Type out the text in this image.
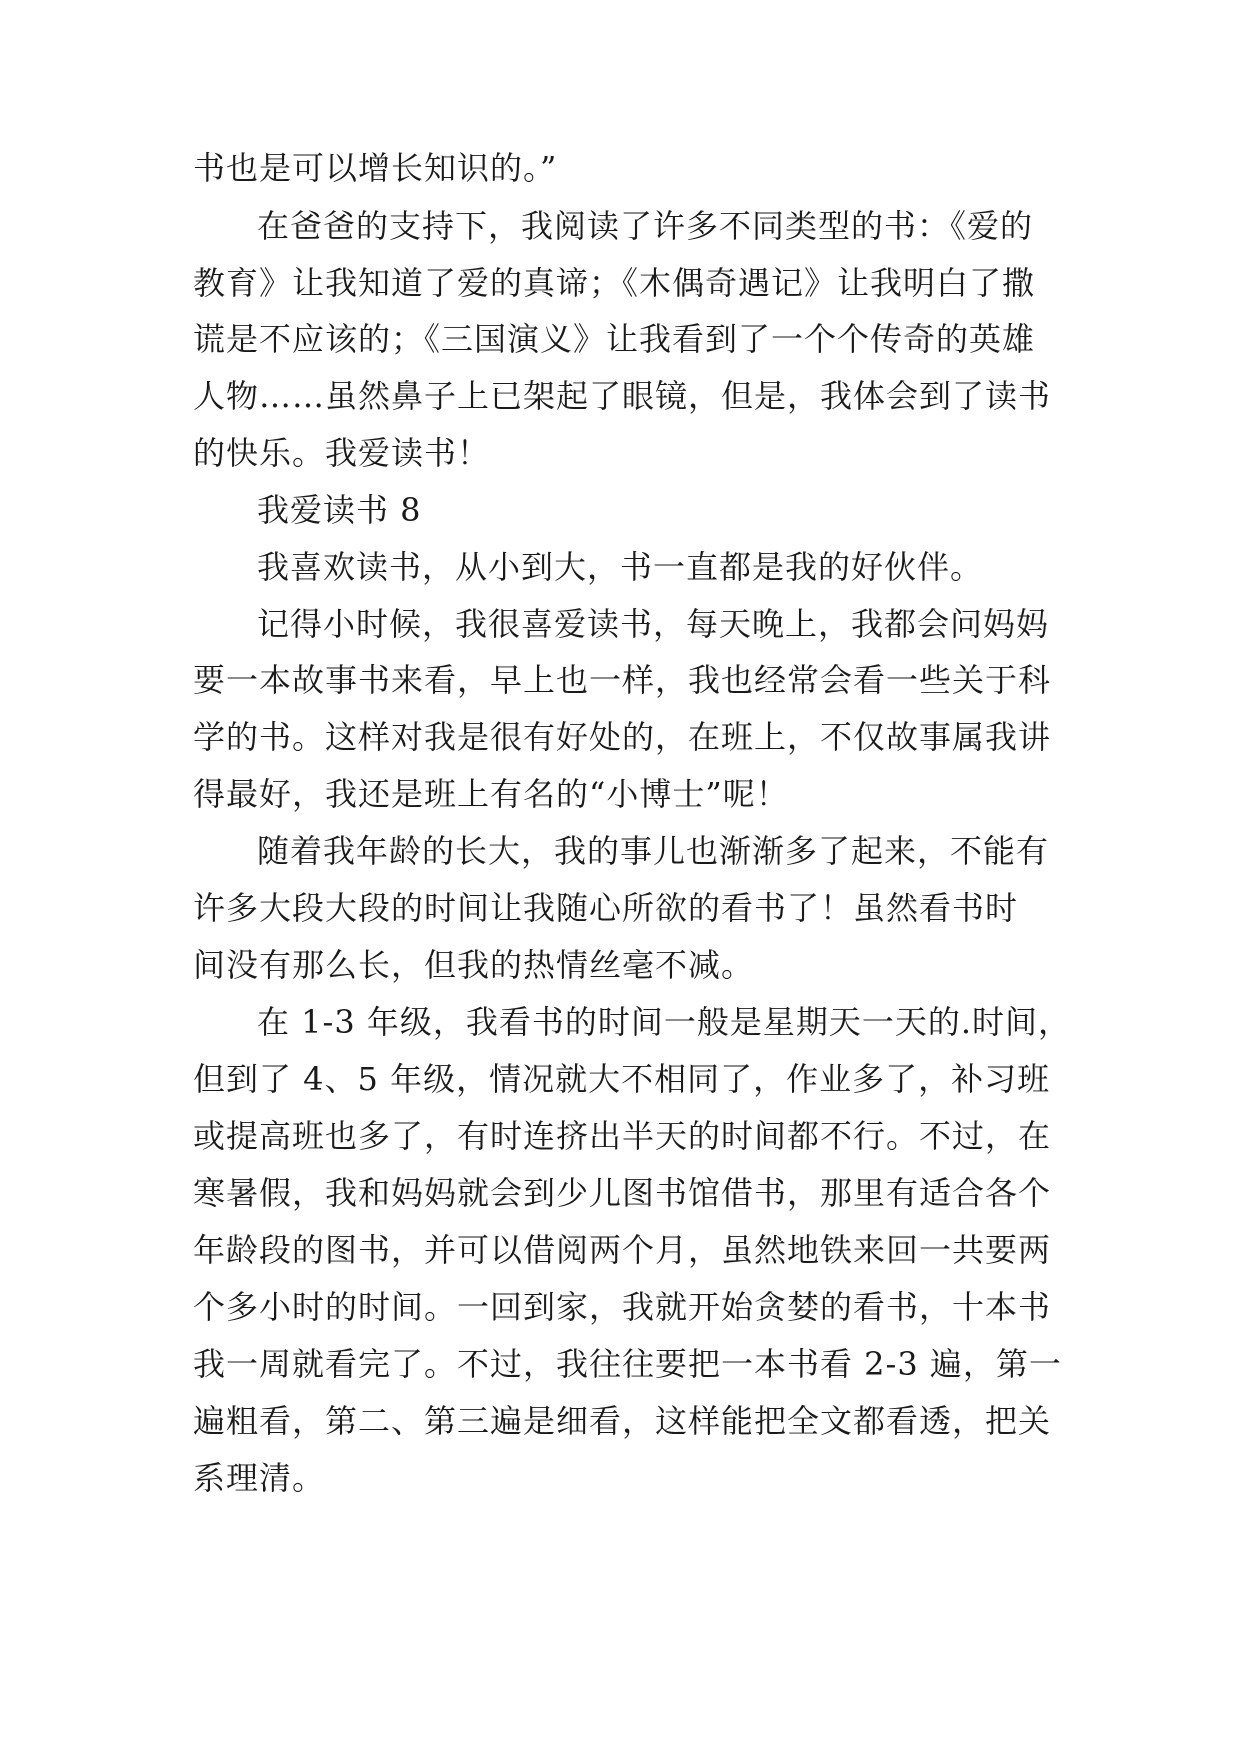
书也是可以增长知识的。”
在爸爸的支持下，我阅读了许多不同类型的书：《爱的
教育》让我知道了爱的真谛；《木偶奇遇记》让我明白了撒
谎是不应该的；《三国演义》让我看到了一个个传奇的英雄
人物……虽然鼻子上已架起了眼镜，但是，我体会到了读书
的快乐。我爱读书！
我爱读书 8
我喜欢读书，从小到大，书一直都是我的好伙伴。
记得小时候，我很喜爱读书，每天晚上，我都会问妈妈
要一本故事书来看，早上也一样，我也经常会看一些关于科
学的书。这样对我是很有好处的，在班上，不仅故事属我讲
得最好，我还是班上有名的“小博士”呢！
随着我年龄的长大，我的事儿也渐渐多了起来，不能有
许多大段大段的时间让我随心所欲的看书了！虽然看书时
间没有那么长，但我的热情丝毫不减。
在 1-3 年级，我看书的时间一般是星期天一天的.时间，
但到了 4、5 年级，情况就大不相同了，作业多了，补习班
或提高班也多了，有时连挤出半天的时间都不行。不过，在
寒暑假，我和妈妈就会到少儿图书馆借书，那里有适合各个
年龄段的图书，并可以借阅两个月，虽然地铁来回一共要两
个多小时的时间。一回到家，我就开始贪婪的看书，十本书
我一周就看完了。不过，我往往要把一本书看 2-3 遍，第一
遍粗看，第二、第三遍是细看，这样能把全文都看透，把关
系理清。
